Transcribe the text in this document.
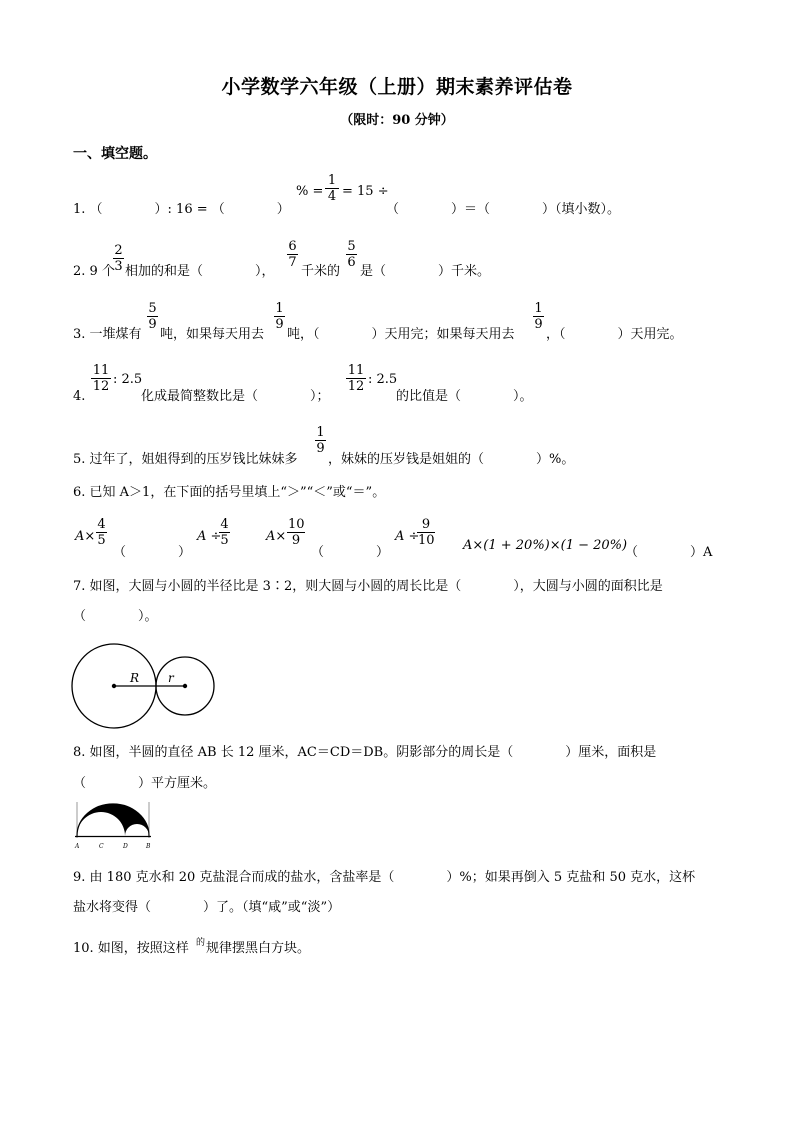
小学数学六年级（上册）期末素养评估卷
（限时：90 分钟）
一、填空题。
1. （　　　　）: 16 = （　　　　）
% =
1
4 = 15 ÷
（　　　　）＝（　　　　）（填小数）。
2. 9 个
2
3 相加的和是（　　　　），
6
7
千米的
5
6
是（　　　　）千米。
3. 一堆煤有
5
9
吨，如果每天用去
1
9
吨，（　　　　）天用完；如果每天用去
1
9
，（　　　　）天用完。
4.
11
12 : 2.5
化成最简整数比是（　　　　）；
11
12 : 2.5
的比值是（　　　　）。
5. 过年了，姐姐得到的压岁钱比妹妹多
1
9
，妹妹的压岁钱是姐姐的（　　　　）%。
6. 已知 A＞1，在下面的括号里填上“＞”“＜”或“＝”。
A×
4
5
（　　　　）
A ÷
4
5	A×
10
9
（　　　　）
A ÷
9
10 A×(1 + 20%)×(1 − 20%)
（　　　　）A
7. 如图，大圆与小圆的半径比是 3∶2，则大圆与小圆的周长比是（　　　　），大圆与小圆的面积比是
（　　　　）。
R r
8. 如图，半圆的直径 AB 长 12 厘米，AC＝CD＝DB。阴影部分的周长是（　　　　）厘米，面积是
（　　　　）平方厘米。
A	C	D	B
9. 由 180 克水和 20 克盐混合而成的盐水，含盐率是（　　　　）%；如果再倒入 5 克盐和 50 克水，这杯
盐水将变得（　　　　）了。（填“咸”或“淡”）
10. 如图，按照这样 的 规律摆黑白方块。
